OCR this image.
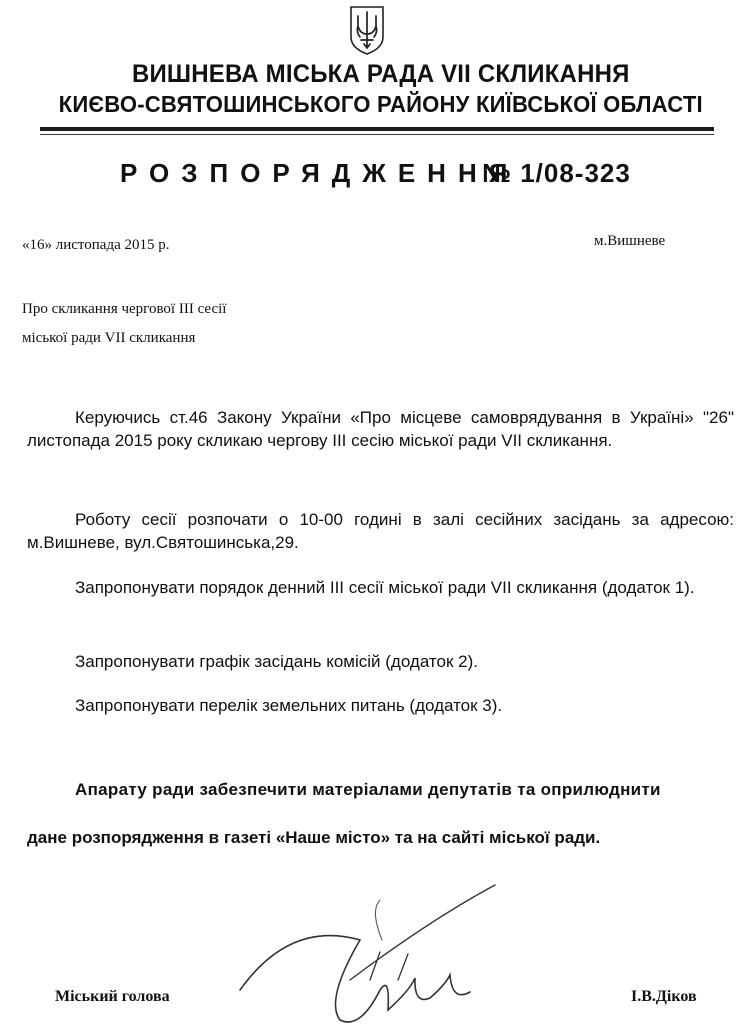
ВИШНЕВА МІСЬКА РАДА VII СКЛИКАННЯ
КИЄВО-СВЯТОШИНСЬКОГО РАЙОНУ КИЇВСЬКОЇ ОБЛАСТІ
РОЗПОРЯДЖЕННЯ
№ 1/08-323
«16» листопада 2015 р.	м.Вишневе
Про скликання чергової III сесії
міської ради VII скликання
Керуючись ст.46 Закону України «Про місцеве самоврядування в Україні» "26" листопада 2015 року скликаю чергову III сесію міської ради VII скликання.
Роботу сесії розпочати о 10-00 годині в залі сесійних засідань за адресою: м.Вишневе, вул.Святошинська,29.
Запропонувати порядок денний III сесії міської ради VII скликання (додаток 1).
Запропонувати графік засідань комісій (додаток 2).
Запропонувати перелік земельних питань (додаток 3).
Апарату ради забезпечити матеріалами депутатів та оприлюднити
дане розпорядження в газеті «Наше місто» та на сайті міської ради.
Міський голова	І.В.Діков
